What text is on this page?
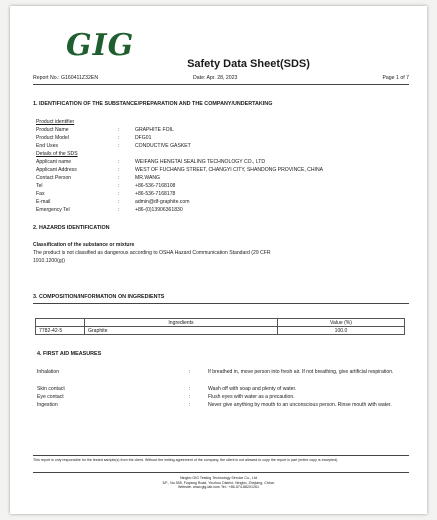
GIG
Safety Data Sheet(SDS)
Report No.: G160411Z32EN	Date: Apr. 28, 2023	Page 1 of 7
1. IDENTIFICATION OF THE SUBSTANCE/PREPARATION AND THE COMPANY/UNDERTAKING
Product identifier
Product Name	:	GRAPHITE FOIL
Product Model	:	DFG01
End Uses	:	CONDUCTIVE GASKET
Details of the SDS
Applicant name	:	WEIFANG HENGTAI SEALING TECHNOLOGY CO., LTD
Applicant Address	:	WEST OF FUCHANG STREET, CHANGYI CITY, SHANDONG PROVINCE, CHINA
Contact Person	:	MR.WANG
Tel	:	+86-536-7168108
Fax	:	+86-536-7168178
E-mail	:	admin@df-graphite.com
Emergency Tel	:	+86-(0)13906361830
2. HAZARDS IDENTIFICATION
Classification of the substance or mixture
The product is not classified as dangerous according to OSHA Hazard Communication Standard (29 CFR
1910.1200(g))
3. COMPOSITION/INFORMATION ON INGREDIENTS
	Ingredients	Value (%)
7782-42-5	Graphite	100.0
4. FIRST AID MEASURES
Inhalation	:	If breathed in, move person into fresh air. If not breathing, give artificial respiration.
Skin contact	:	Wash off with soap and plenty of water.
Eye contact	:	Flush eyes with water as a precaution.
Ingestion	:	Never give anything by mouth to an unconscious person. Rinse mouth with water.
This report is only responsible for the tested sample(s) from the client. Without the writing agreement of the company, the client is not allowed to copy the report in part (entire copy is excepted).
Ningbo GIG Testing Technology Service Co., Ltd
3/F., No.555, Fuqiang Road, Yinzhou District, Ningbo, Zhejiang, China.
Website: www.gig-lab.com Tel.: +86-574-88201261
